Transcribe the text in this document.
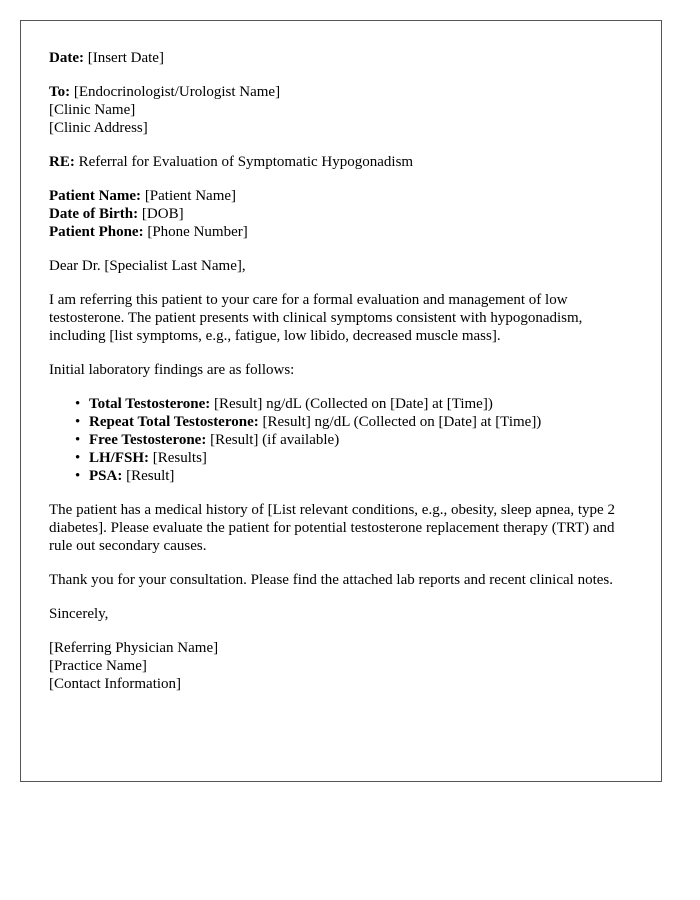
Date: [Insert Date]
To: [Endocrinologist/Urologist Name]
[Clinic Name]
[Clinic Address]
RE: Referral for Evaluation of Symptomatic Hypogonadism
Patient Name: [Patient Name]
Date of Birth: [DOB]
Patient Phone: [Phone Number]

Dear Dr. [Specialist Last Name],

I am referring this patient to your care for a formal evaluation and management of low testosterone. The patient presents with clinical symptoms consistent with hypogonadism, including [list symptoms, e.g., fatigue, low libido, decreased muscle mass].

Initial laboratory findings are as follows:

• Total Testosterone: [Result] ng/dL (Collected on [Date] at [Time])
• Repeat Total Testosterone: [Result] ng/dL (Collected on [Date] at [Time])
• Free Testosterone: [Result] (if available)
• LH/FSH: [Results]
• PSA: [Result]

The patient has a medical history of [List relevant conditions, e.g., obesity, sleep apnea, type 2 diabetes]. Please evaluate the patient for potential testosterone replacement therapy (TRT) and rule out secondary causes.

Thank you for your consultation. Please find the attached lab reports and recent clinical notes.

Sincerely,

[Referring Physician Name]
[Practice Name]
[Contact Information]
